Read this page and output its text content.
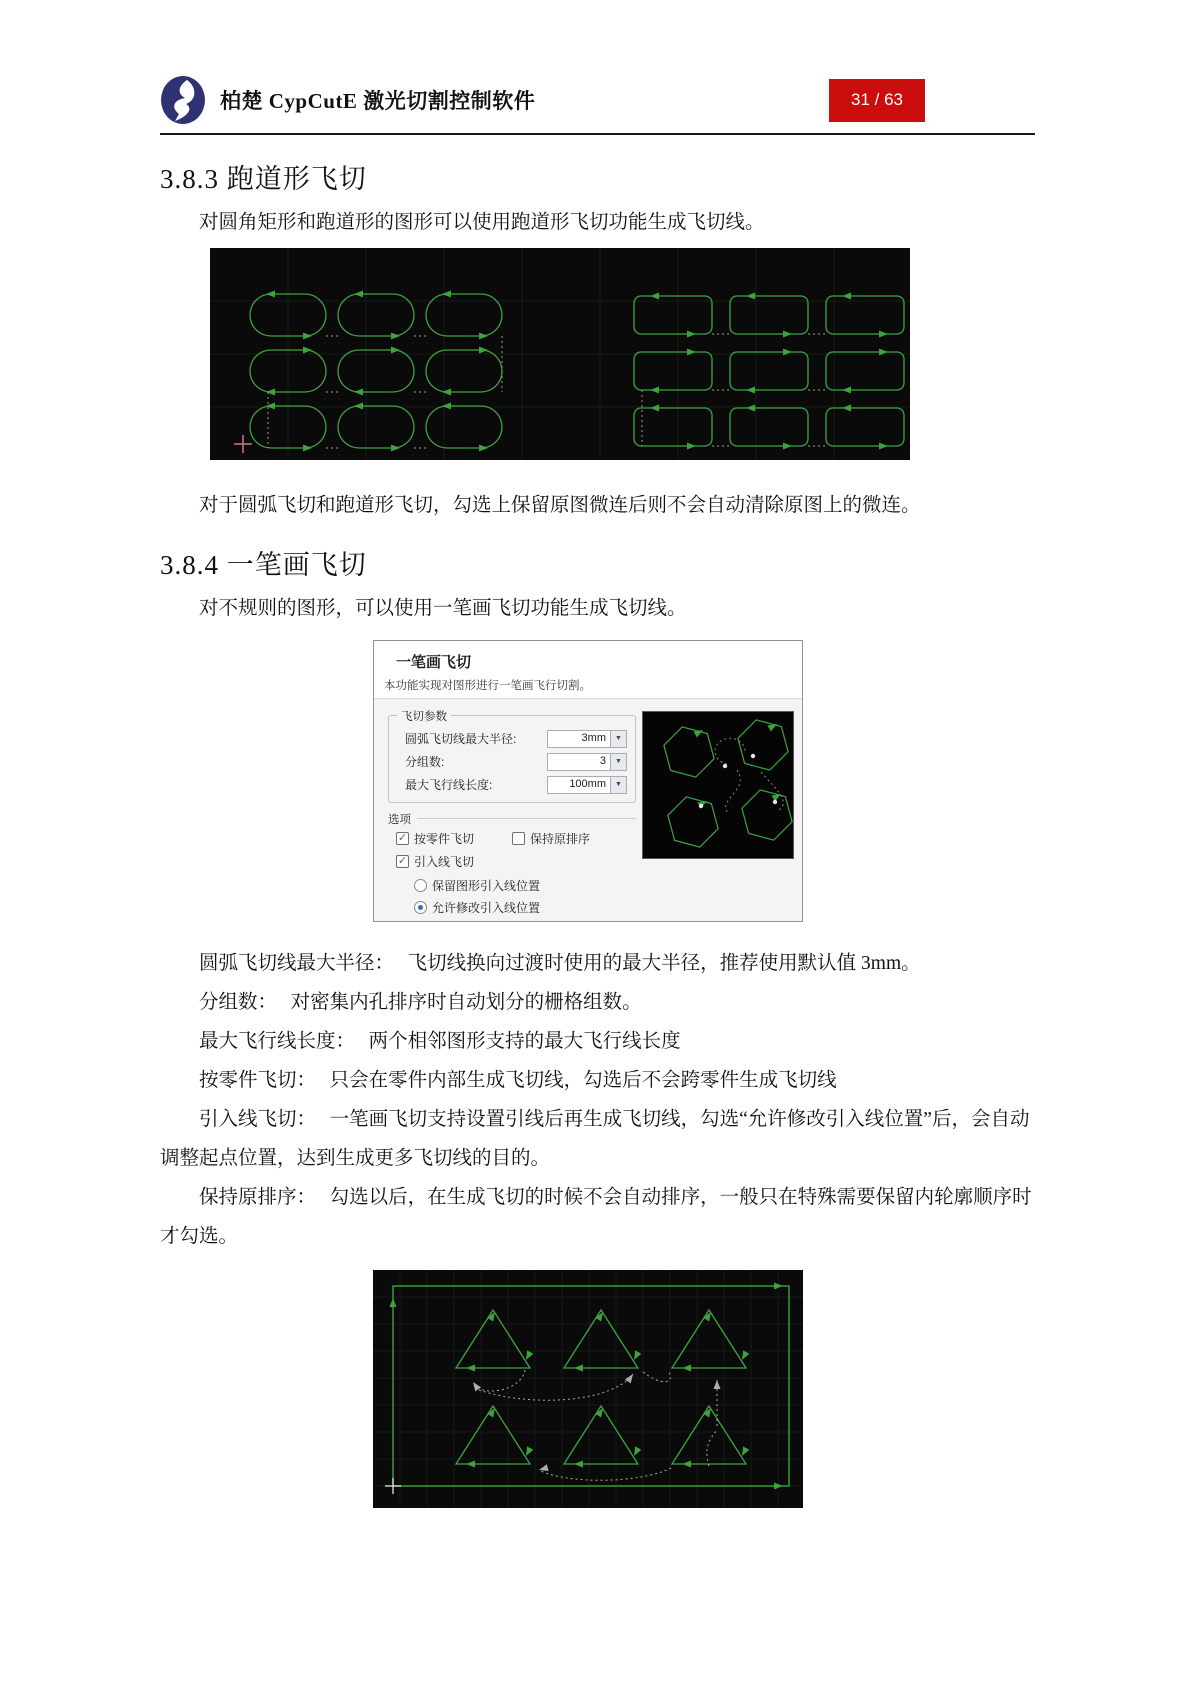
柏楚 CypCutE 激光切割控制软件	31 / 63
3.8.3 跑道形飞切

对圆角矩形和跑道形的图形可以使用跑道形飞切功能生成飞切线。

对于圆弧飞切和跑道形飞切，勾选上保留原图微连后则不会自动清除原图上的微连。

3.8.4 一笔画飞切

对不规则的图形，可以使用一笔画飞切功能生成飞切线。

一笔画飞切
本功能实现对图形进行一笔画飞行切割。
飞切参数
圆弧飞切线最大半径:	3mm	▼
分组数:	3	▼
最大飞行线长度:	100mm	▼
选项
✓ 按零件飞切	保持原排序
✓ 引入线飞切
保留图形引入线位置
允许修改引入线位置

圆弧飞切线最大半径： 飞切线换向过渡时使用的最大半径，推荐使用默认值 3mm。

分组数： 对密集内孔排序时自动划分的栅格组数。

最大飞行线长度： 两个相邻图形支持的最大飞行线长度

按零件飞切： 只会在零件内部生成飞切线，勾选后不会跨零件生成飞切线

引入线飞切： 一笔画飞切支持设置引线后再生成飞切线，勾选“允许修改引入线位置”后，会自动调整起点位置，达到生成更多飞切线的目的。

保持原排序： 勾选以后，在生成飞切的时候不会自动排序，一般只在特殊需要保留内轮廓顺序时才勾选。
